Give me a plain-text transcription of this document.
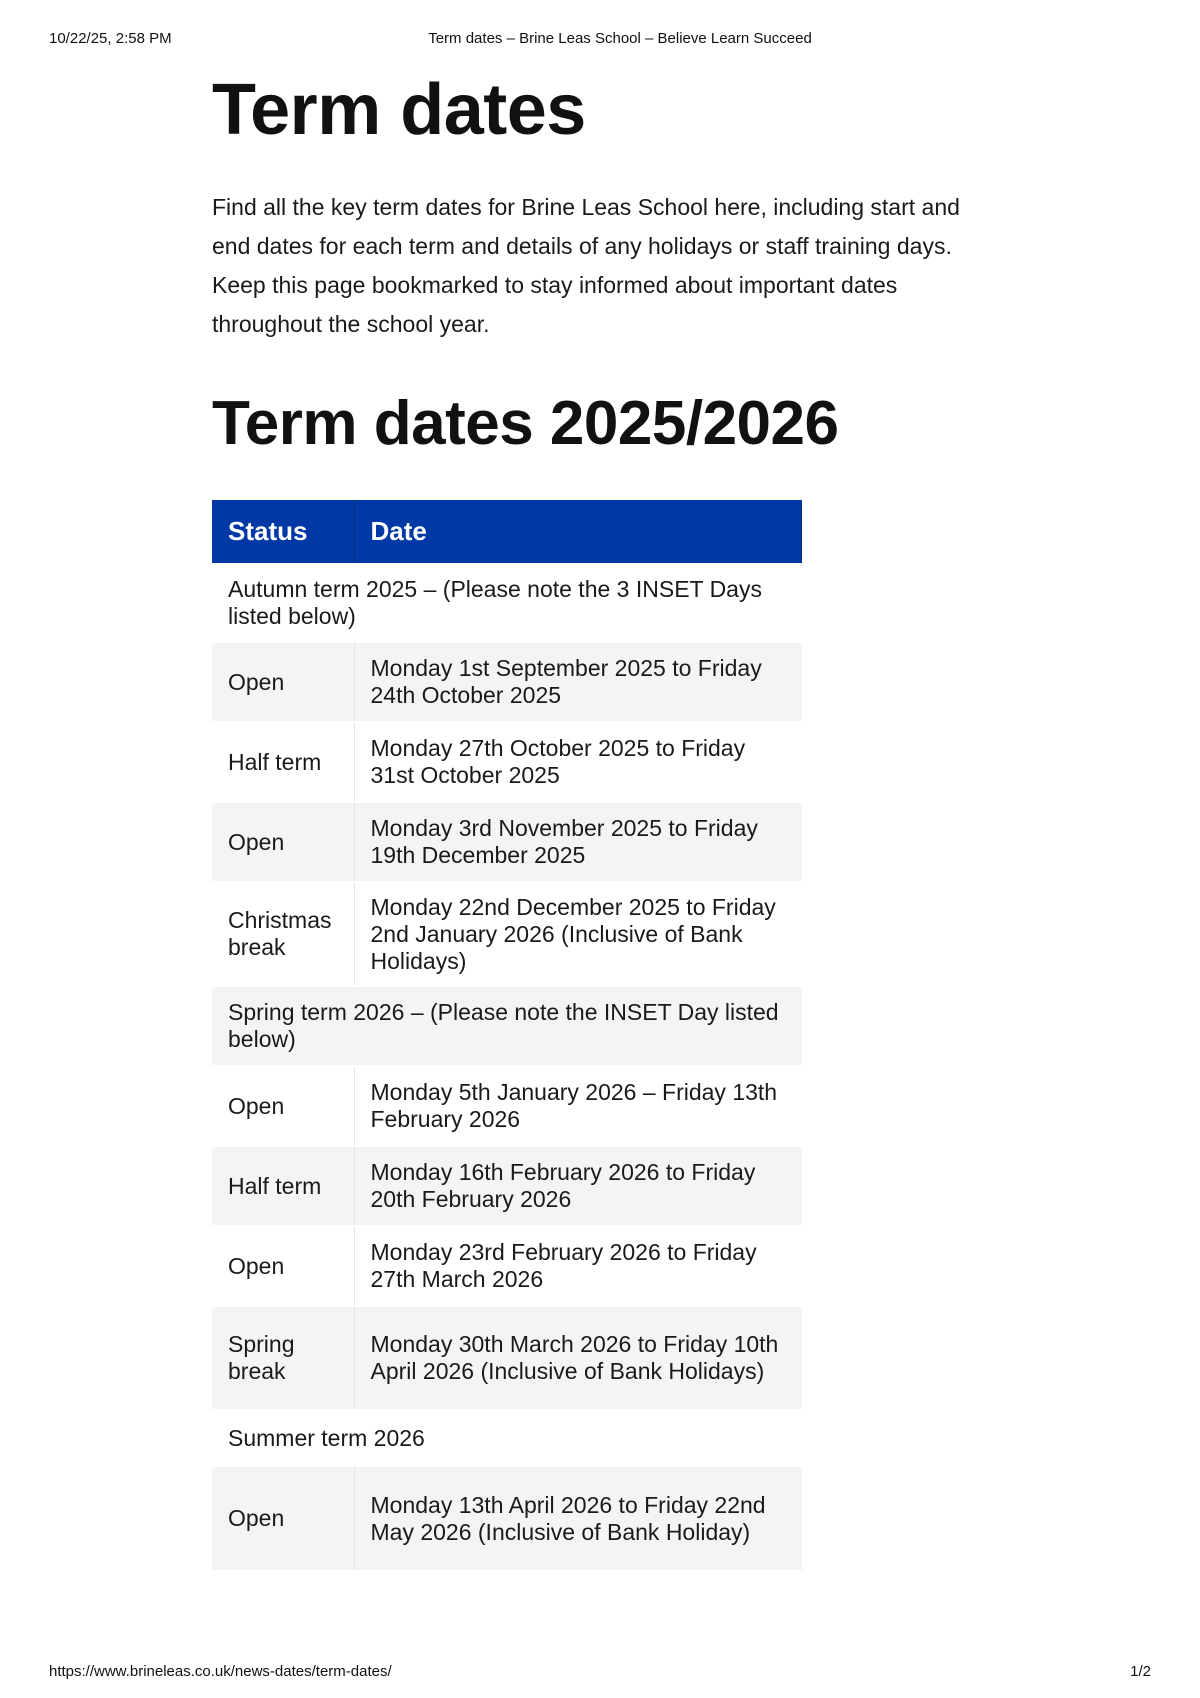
10/22/25, 2:58 PM	Term dates – Brine Leas School – Believe Learn Succeed
Term dates

Find all the key term dates for Brine Leas School here, including start and end dates for each term and details of any holidays or staff training days. Keep this page bookmarked to stay informed about important dates throughout the school year.

Term dates 2025/2026
Status	Date
Autumn term 2025 – (Please note the 3 INSET Days listed below)	
Open	Monday 1st September 2025 to Friday 24th October 2025
Half term	Monday 27th October 2025 to Friday 31st October 2025
Open	Monday 3rd November 2025 to Friday 19th December 2025
Christmas break	Monday 22nd December 2025 to Friday 2nd January 2026 (Inclusive of Bank Holidays)
Spring term 2026 – (Please note the INSET Day listed below)	
Open	Monday 5th January 2026 – Friday 13th February 2026
Half term	Monday 16th February 2026 to Friday 20th February 2026
Open	Monday 23rd February 2026 to Friday 27th March 2026
Spring break	Monday 30th March 2026 to Friday 10th April 2026 (Inclusive of Bank Holidays)
Summer term 2026	
Open	Monday 13th April 2026 to Friday 22nd May 2026 (Inclusive of Bank Holiday)
https://www.brineleas.co.uk/news-dates/term-dates/	1/2
